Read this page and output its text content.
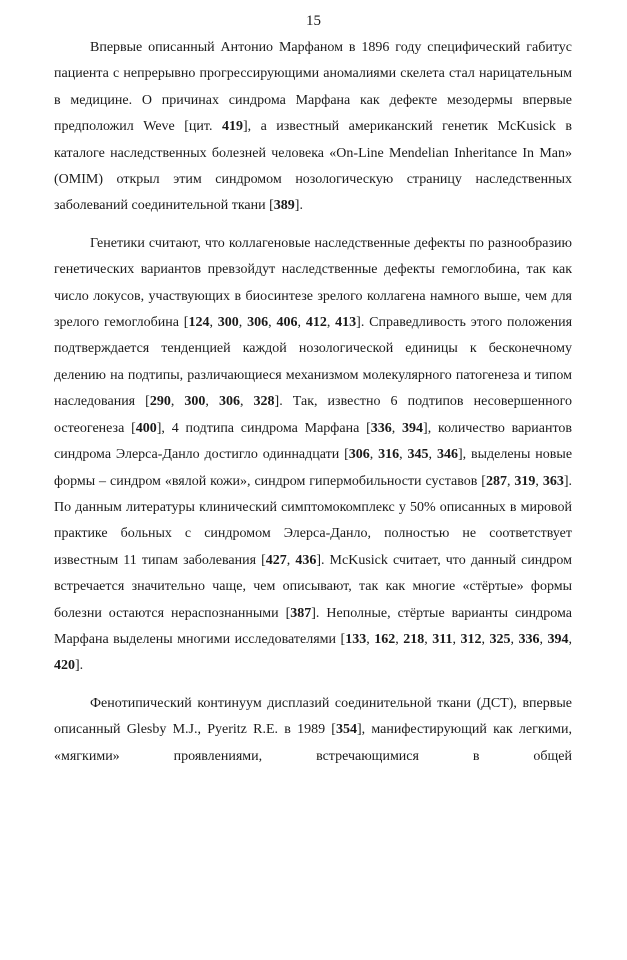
15

Впервые описанный Антонио Марфаном в 1896 году специфический габитус пациента с непрерывно прогрессирующими аномалиями скелета стал нарицательным в медицине. О причинах синдрома Марфана как дефекте мезодермы впервые предположил Weve [цит. 419], а известный американский генетик McKusick в каталоге наследственных болезней человека «On-Line Mendelian Inheritance In Man» (OMIM) открыл этим синдромом нозологическую страницу наследственных заболеваний соединительной ткани [389].

Генетики считают, что коллагеновые наследственные дефекты по разнообразию генетических вариантов превзойдут наследственные дефекты гемоглобина, так как число локусов, участвующих в биосинтезе зрелого коллагена намного выше, чем для зрелого гемоглобина [124, 300, 306, 406, 412, 413]. Справедливость этого положения подтверждается тенденцией каждой нозологической единицы к бесконечному делению на подтипы, различающиеся механизмом молекулярного патогенеза и типом наследования [290, 300, 306, 328]. Так, известно 6 подтипов несовершенного остеогенеза [400], 4 подтипа синдрома Марфана [336, 394], количество вариантов синдрома Элерса-Данло достигло одиннадцати [306, 316, 345, 346], выделены новые формы – синдром «вялой кожи», синдром гипермобильности суставов [287, 319, 363]. По данным литературы клинический симптомокомплекс у 50% описанных в мировой практике больных с синдромом Элерса-Данло, полностью не соответствует известным 11 типам заболевания [427, 436]. McKusick считает, что данный синдром встречается значительно чаще, чем описывают, так как многие «стёртые» формы болезни остаются нераспознанными [387]. Неполные, стёртые варианты синдрома Марфана выделены многими исследователями [133, 162, 218, 311, 312, 325, 336, 394, 420].

Фенотипический континуум дисплазий соединительной ткани (ДСТ), впервые описанный Glesby M.J., Pyeritz R.E. в 1989 [354], манифестирующий как легкими, «мягкими» проявлениями, встречающимися в общей
